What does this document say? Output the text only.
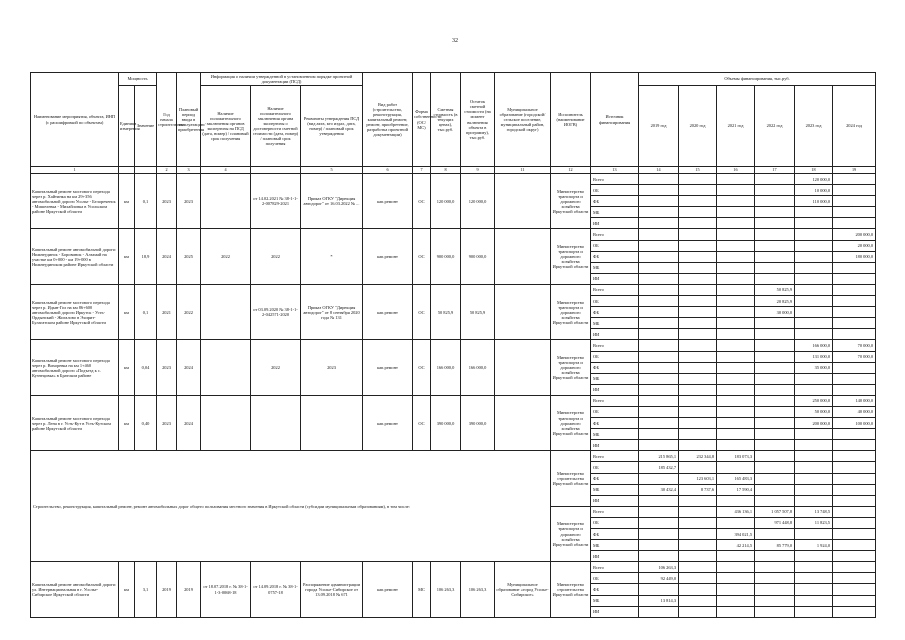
32
Наименование мероприятия, объекта, ИНП (с расшифровкой по объектам)	Мощность		Год начала строительства	Плановый период ввода в эксплуатацию/приобретения	Информация о наличии утвержденной в установленном порядке проектной документации (ПСД)			Вид работ (строительство, реконструкция, капитальный ремонт, ремонт, приобретение, разработка проектной документации)	Форма собственности (ОС/МС)	Сметная стоимость (в текущих ценах), тыс.руб.	Остаток сметной стоимости (на момент включения объекта в программу), тыс.руб.	Муниципальное образование (городской/сельское поселение, муниципальный район, городской округ)	Исполнитель (наименование ИОГВ)	Источник финансирования	Объемы финансирования, тыс.руб.					
	Единица измерения	Значение			Наличие положительного заключения органов экспертизы на ПСД (дата, номер) / плановый срок получения	Наличие положительного заключения органа экспертизы о достоверности сметной стоимости (дата, номер) / плановый срок получения	Реквизиты утверждения ПСД (вид акта, кто издал, дата, номер) / плановый срок утверждения								2019 год	2020 год	2021 год	2022 год	2023 год	2024 год
1			2	3	4		5	6	7	8	9	11	12	13	14	15	16	17	18	19
Капитальный ремонт мостового перехода через р. Хайтинка на км 29+356 автомобильной дороги Усолье - Белореченск - Мишелевка - Михайловка в Усольском районе Иркутской области	км	0,1	2023	2023		от 14.02.2021 № 38-1-1-2-007829-2021	Приказ ОГКУ "Дирекция автодорог" от 16.03.2022 № ...	кап.ремонт	ОС	120 000,0	120 000,0		Министерство транспорта и дорожного хозяйства Иркутской области	Всего					120 000,0	
														ОБ					10 000,0	
														ФБ					110 000,0	
														МБ						
														ИИ						
Капитальный ремонт автомобильной дороги Нижнеудинск - Боровинок - Алзамай на участке км 0+000 - км 19+000 в Нижнеудинском районе Иркутской области	км	18,9	2024	2025	2022	2022	*	кап.ремонт	ОС	900 000,0	900 000,0		Министерство транспорта и дорожного хозяйства Иркутской области	Всего						200 000,0
														ОБ						20 000,0
														ФБ						180 000,0
														МБ						
														ИИ						
Капитальный ремонт мостового перехода через р. Идын-Гол на км 86+600 автомобильной дороги Иркутск - Усть-Ордынский - Жигалово в Эхирит-Булагатском районе Иркутской области	км	0,1	2021	2022		от 03.09.2020 № 38-1-1-2-042571-2020	Приказ ОГКУ "Дирекция автодорог" от 8 сентября 2020 года № 131	кап.ремонт	ОС	50 825,9	50 825,9		Министерство транспорта и дорожного хозяйства Иркутской области	Всего				50 825,9		
														ОБ				20 825,9		
														ФБ				30 000,0		
														МБ						
														ИИ						
Капитальный ремонт мостового перехода через р. Вихоревка на км 1+460 автомобильной дороги «Подъезд к с. Кузнецовка» в Братском районе	км	0,04	2023	2024		2022	2023	кап.ремонт	ОС	166 000,0	166 000,0		Министерство транспорта и дорожного хозяйства Иркутской области	Всего					166 000,0	70 000,0
														ОБ					131 000,0	70 000,0
														ФБ					35 000,0	
														МБ						
														ИИ						
Капитальный ремонт мостового перехода через р. Лена в г. Усть-Кут в Усть-Кутском районе Иркутской области	км	0,40	2023	2024				кап.ремонт	ОС	390 000,0	390 000,0		Министерство транспорта и дорожного хозяйства Иркутской области	Всего					250 000,0	140 000,0
														ОБ					50 000,0	40 000,0
														ФБ					200 000,0	100 000,0
														МБ						
														ИИ						
Строительство, реконструкция, капитальный ремонт, ремонт автомобильных дорог общего пользования местного значения в Иркутской области (субсидии муниципальным образованиям), в том числе:													Министерство строительства Иркутской области	Всего	215 865,1	232 344,8	183 073,3			
														ОБ	185 432,7					
														ФБ		123 603,1	165 483,3			
														МБ	30 432,4	8 737,6	17 590,4			
														ИИ						
													Министерство транспорта и дорожного хозяйства Иркутской области	Всего			436 136,1	1 057 507,8	13 748,5	
														ОБ				971 448,8	11 823,5	
														ФБ			394 021,5			
														МБ			42 214,5	85 779,0	1 924,0	
														ИИ						
Капитальный ремонт автомобильной дороги ул. Интернациональная в г. Усолье-Сибирское Иркутской области	км	3,1	2019	2019	от 18.07.2018 г. № 38-1-1-3-0068-18	от 14.09.2018 г. № 38-1-0757-18	Распоряжение администрации города Усолье-Сибирское от 13.09.2018 № 671	кап.ремонт	МС	106 263,3	106 263,3	Муниципальное образование «город Усолье-Сибирское»	Министерство строительства Иркутской области	Всего	106 263,3					
														ОБ	92 449,0					
														ФБ						
														МБ	13 814,3					
														ИИ						
